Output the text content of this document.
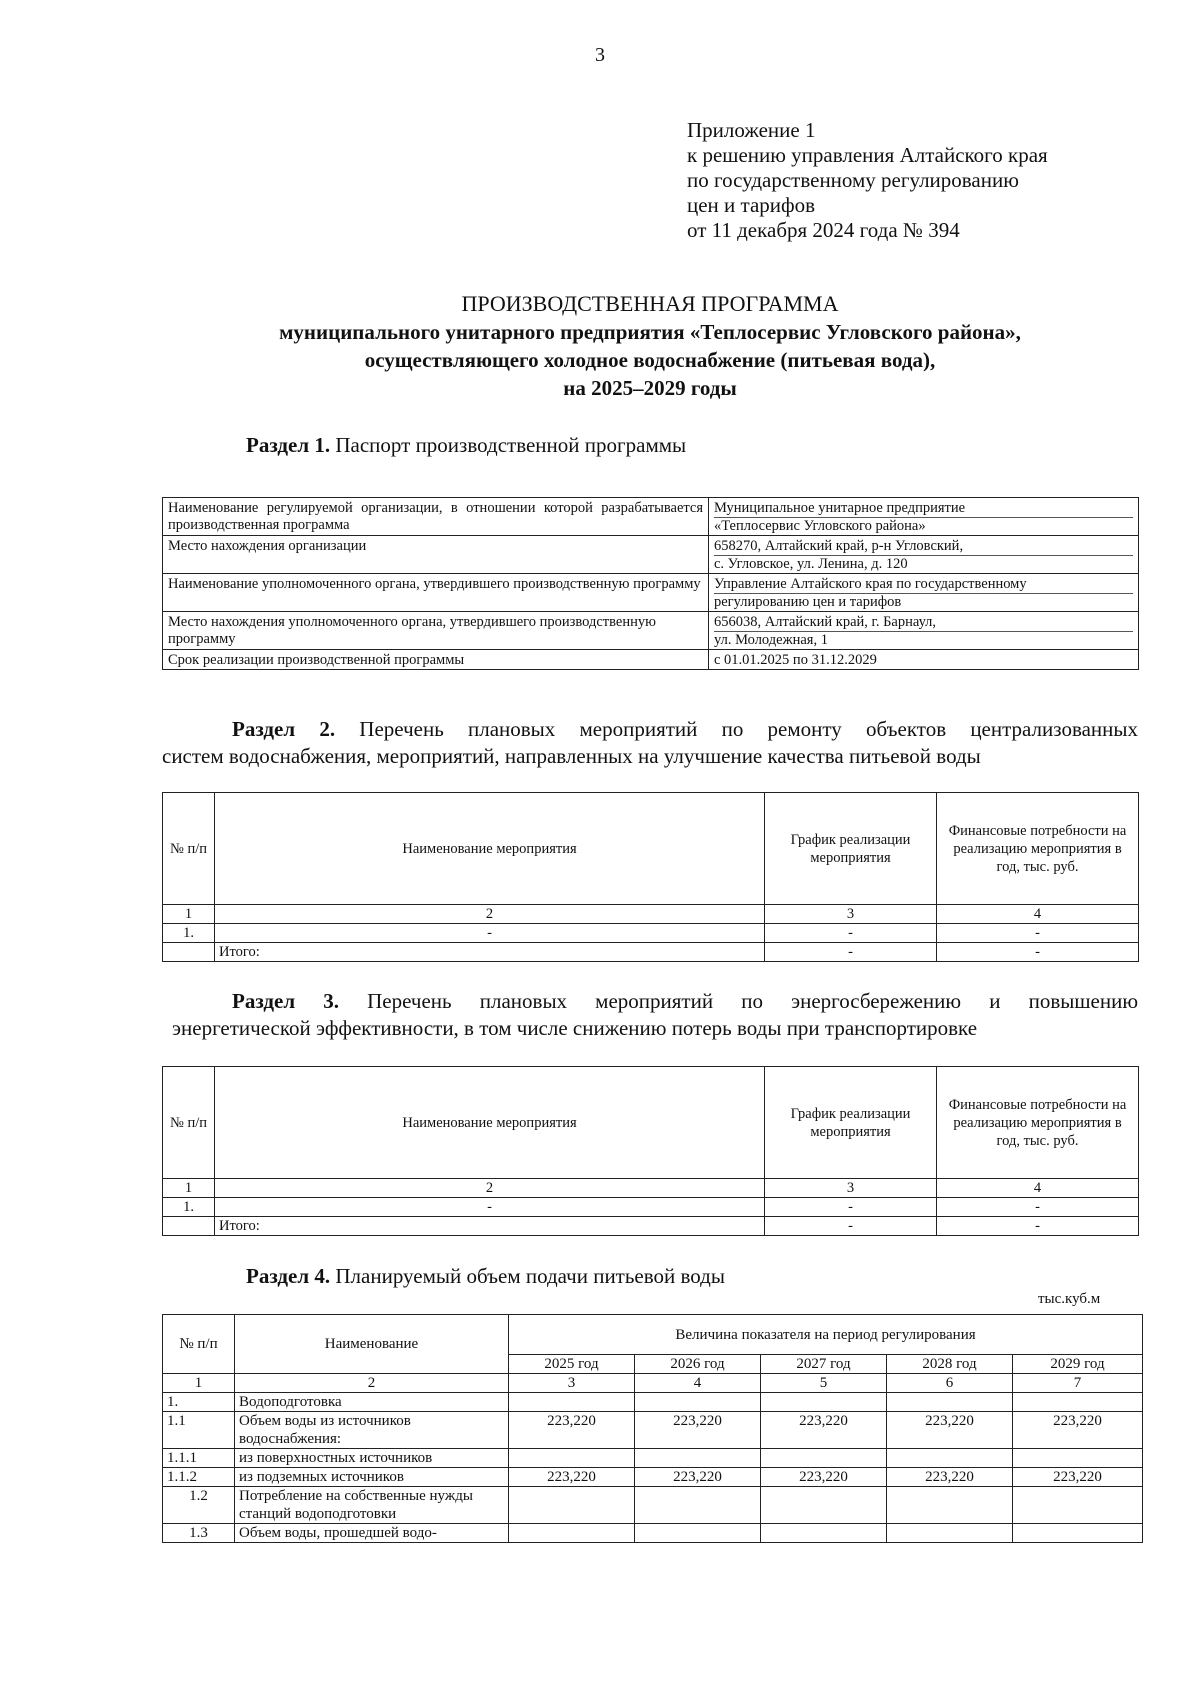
3
Приложение 1
к решению управления Алтайского края
по государственному регулированию
цен и тарифов
от 11 декабря 2024 года № 394
ПРОИЗВОДСТВЕННАЯ ПРОГРАММА
муниципального унитарного предприятия «Теплосервис Угловского района»,
осуществляющего холодное водоснабжение (питьевая вода),
на 2025–2029 годы
Раздел 1. Паспорт производственной программы
Наименование регулируемой организации, в отношении которой разрабатывается производственная программа	Муниципальное унитарное предприятие
«Теплосервис Угловского района»

Место нахождения организации	658270, Алтайский край, р-н Угловский,
с. Угловское, ул. Ленина, д. 120

Наименование уполномоченного органа, утвердившего производственную программу	Управление Алтайского края по государственному
регулированию цен и тарифов

Место нахождения уполномоченного органа, утвердившего производственную программу	656038, Алтайский край, г. Барнаул,
ул. Молодежная, 1

Срок реализации производственной программы	с 01.01.2025 по 31.12.2029
Раздел 2. Перечень плановых мероприятий по ремонту объектов централизованных
систем водоснабжения, мероприятий, направленных на улучшение качества питьевой воды
№ п/п	Наименование мероприятия	График реализации мероприятия	Финансовые потребности на реализацию мероприятия в год, тыс. руб.
1	2	3	4
1.	-	-	-
	Итого:	-	-
Раздел 3. Перечень плановых мероприятий по энергосбережению и повышению
энергетической эффективности, в том числе снижению потерь воды при транспортировке
№ п/п	Наименование мероприятия	График реализации мероприятия	Финансовые потребности на реализацию мероприятия в год, тыс. руб.
1	2	3	4
1.	-	-	-
	Итого:	-	-
Раздел 4. Планируемый объем подачи питьевой воды
тыс.куб.м
№ п/п	Наименование	Величина показателя на период регулирования				
		2025 год	2026 год	2027 год	2028 год	2029 год
1	2	3	4	5	6	7
1.	Водоподготовка					
1.1	Объем воды из источников водоснабжения:	223,220	223,220	223,220	223,220	223,220
1.1.1	из поверхностных источников					
1.1.2	из подземных источников	223,220	223,220	223,220	223,220	223,220
1.2	Потребление на собственные нужды станций водоподготовки					
1.3	Объем воды, прошедшей водо-					
